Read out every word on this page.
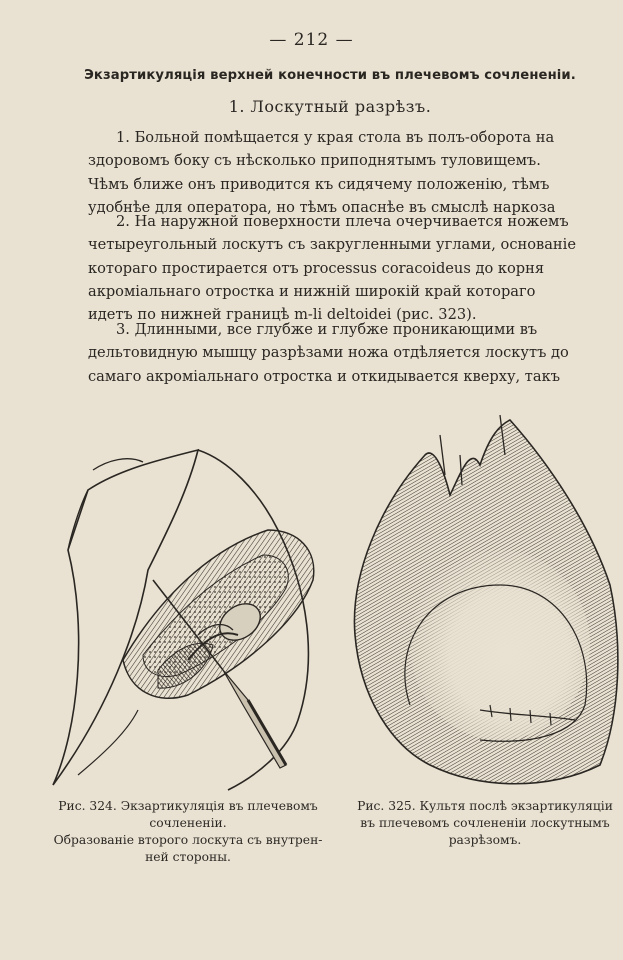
— 212 —
Экзартикуляція верхней конечности въ плечевомъ сочлененіи.
1. Лоскутный разрѣзъ.
1. Больной помѣщается у края стола въ полъ-оборота на
здоровомъ боку съ нѣсколько приподнятымъ туловищемъ.
Чѣмъ ближе онъ приводится къ сидячему положенію, тѣмъ
удобнѣе для оператора, но тѣмъ опаснѣе въ смыслѣ наркоза
2. На наружной поверхности плеча очерчивается ножемъ
четыреугольный лоскутъ съ закругленными углами, основаніе
котораго простирается отъ processus coracoideus до корня
акроміальнаго отростка и нижній широкій край котораго
идетъ по нижней границѣ m-li deltoidei (рис. 323).
3. Длинными, все глубже и глубже проникающими въ
дельтовидную мышцу разрѣзами ножа отдѣляется лоскутъ до
самаго акроміальнаго отростка и откидывается кверху, такъ
Рис. 324. Экзартикуляція въ плечевомъ
сочлененіи.
Образованіе второго лоскута съ внутрен-
ней стороны.
Рис. 325. Культя послѣ экзартикуляціи
въ плечевомъ сочлененіи лоскутнымъ
разрѣзомъ.
